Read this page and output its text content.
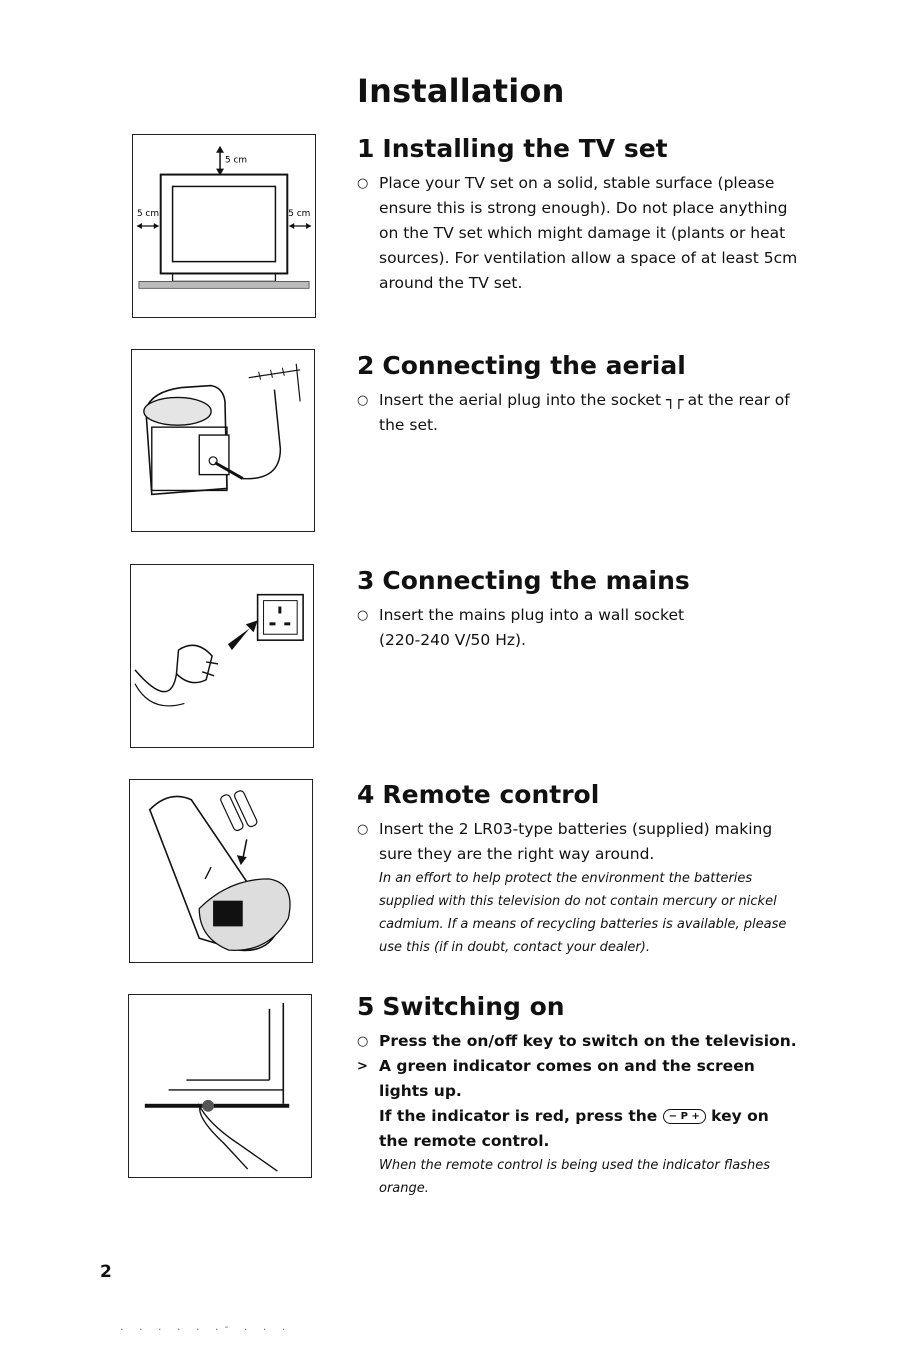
Installation
5 cm
5 cm	5 cm
1 Installing the TV set
○ Place your TV set on a solid, stable surface (please ensure this is strong enough). Do not place anything on the TV set which might damage it (plants or heat sources). For ventilation allow a space of at least 5cm around the TV set.
2 Connecting the aerial
○ Insert the aerial plug into the socket ┐┌ at the rear of the set.
3 Connecting the mains
○ Insert the mains plug into a wall socket
(220-240 V/50 Hz).
4 Remote control
○ Insert the 2 LR03-type batteries (supplied) making sure they are the right way around.
In an effort to help protect the environment the batteries supplied with this television do not contain mercury or nickel cadmium. If a means of recycling batteries is available, please use this (if in doubt, contact your dealer).
5 Switching on
○ Press the on/off key to switch on the television.
> A green indicator comes on and the screen lights up.
If the indicator is red, press the − P + key on
the remote control.
When the remote control is being used the indicator flashes orange.
2
. . . . . .- . . .
